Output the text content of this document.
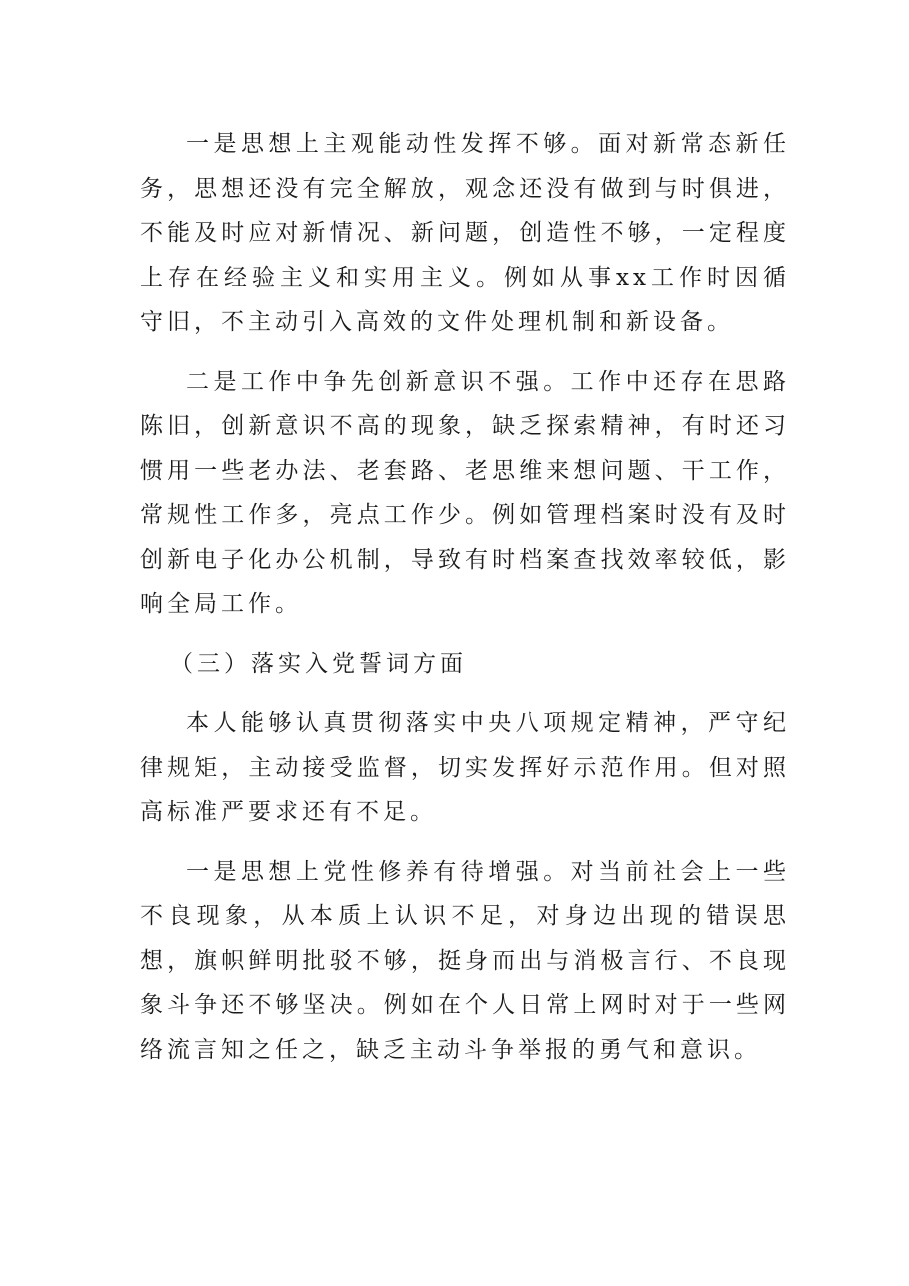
一是思想上主观能动性发挥不够。面对新常态新任务，思想还没有完全解放，观念还没有做到与时俱进，不能及时应对新情况、新问题，创造性不够，一定程度上存在经验主义和实用主义。例如从事xx工作时因循守旧，不主动引入高效的文件处理机制和新设备。

二是工作中争先创新意识不强。工作中还存在思路陈旧，创新意识不高的现象，缺乏探索精神，有时还习惯用一些老办法、老套路、老思维来想问题、干工作，常规性工作多，亮点工作少。例如管理档案时没有及时创新电子化办公机制，导致有时档案查找效率较低，影响全局工作。

（三）落实入党誓词方面

本人能够认真贯彻落实中央八项规定精神，严守纪律规矩，主动接受监督，切实发挥好示范作用。但对照高标准严要求还有不足。

一是思想上党性修养有待增强。对当前社会上一些不良现象，从本质上认识不足，对身边出现的错误思想，旗帜鲜明批驳不够，挺身而出与消极言行、不良现象斗争还不够坚决。例如在个人日常上网时对于一些网络流言知之任之，缺乏主动斗争举报的勇气和意识。
